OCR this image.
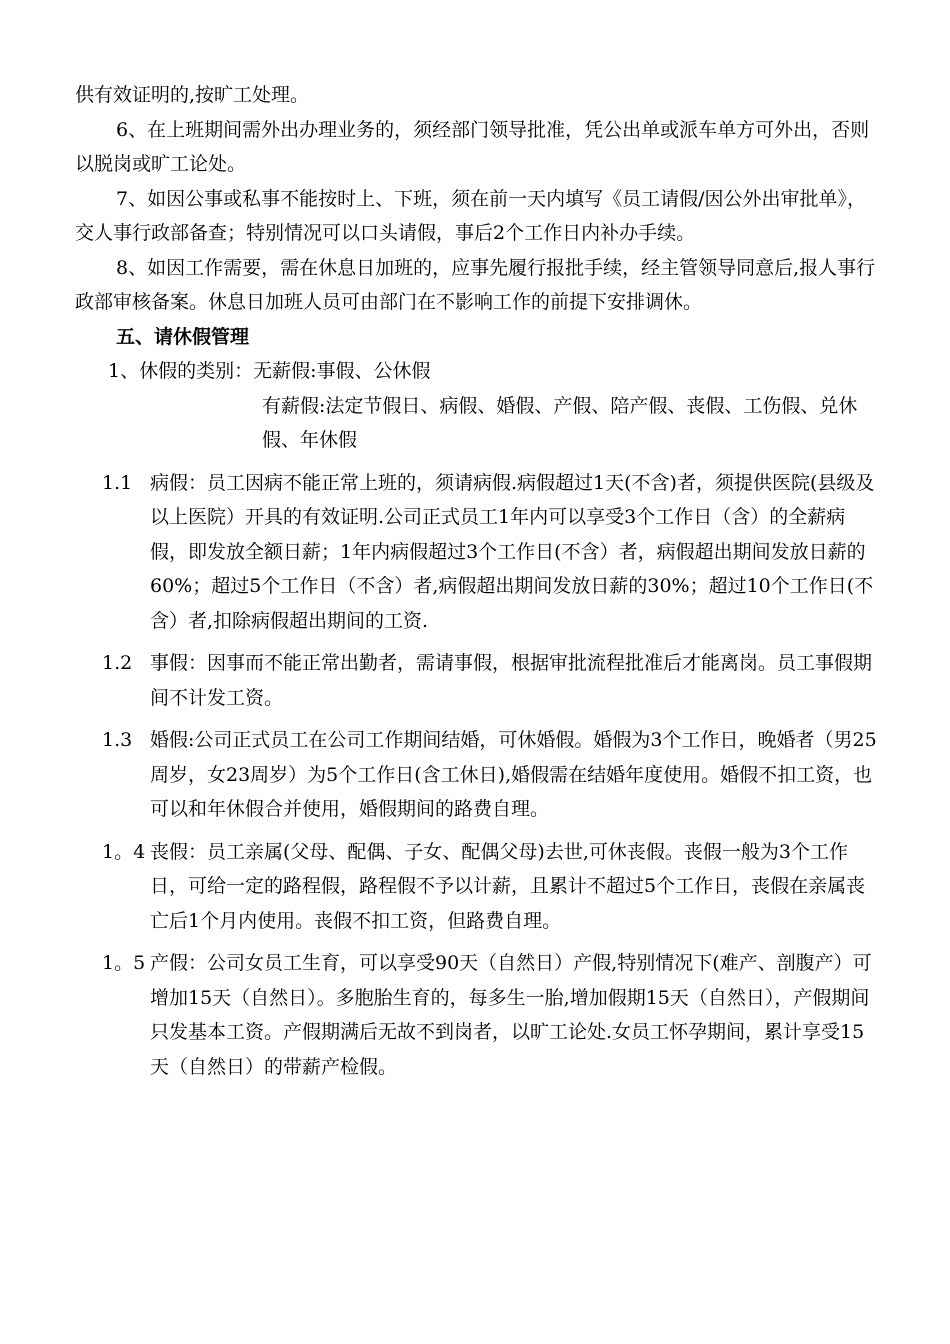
供有效证明的,按旷工处理。

6、在上班期间需外出办理业务的，须经部门领导批准，凭公出单或派车单方可外出，否则以脱岗或旷工论处。

7、如因公事或私事不能按时上、下班，须在前一天内填写《员工请假/因公外出审批单》，交人事行政部备查；特别情况可以口头请假，事后2个工作日内补办手续。

8、如因工作需要，需在休息日加班的，应事先履行报批手续，经主管领导同意后,报人事行政部审核备案。休息日加班人员可由部门在不影响工作的前提下安排调休。

五、请休假管理

1、休假的类别：无薪假:事假、公休假

有薪假:法定节假日、病假、婚假、产假、陪产假、丧假、工伤假、兑休假、年休假

1.1 病假：员工因病不能正常上班的，须请病假.病假超过1天(不含)者，须提供医院(县级及以上医院）开具的有效证明.公司正式员工1年内可以享受3个工作日（含）的全薪病假，即发放全额日薪；1年内病假超过3个工作日(不含）者，病假超出期间发放日薪的60%；超过5个工作日（不含）者,病假超出期间发放日薪的30%；超过10个工作日(不含）者,扣除病假超出期间的工资.
1.2 事假：因事而不能正常出勤者，需请事假，根据审批流程批准后才能离岗。员工事假期间不计发工资。
1.3 婚假:公司正式员工在公司工作期间结婚，可休婚假。婚假为3个工作日，晚婚者（男25周岁，女23周岁）为5个工作日(含工休日),婚假需在结婚年度使用。婚假不扣工资，也可以和年休假合并使用，婚假期间的路费自理。
1。4 丧假：员工亲属(父母、配偶、子女、配偶父母)去世,可休丧假。丧假一般为3个工作日，可给一定的路程假，路程假不予以计薪，且累计不超过5个工作日，丧假在亲属丧亡后1个月内使用。丧假不扣工资，但路费自理。
1。5 产假：公司女员工生育，可以享受90天（自然日）产假,特别情况下(难产、剖腹产）可增加15天（自然日）。多胞胎生育的，每多生一胎,增加假期15天（自然日），产假期间只发基本工资。产假期满后无故不到岗者，以旷工论处.女员工怀孕期间，累计享受15天（自然日）的带薪产检假。
